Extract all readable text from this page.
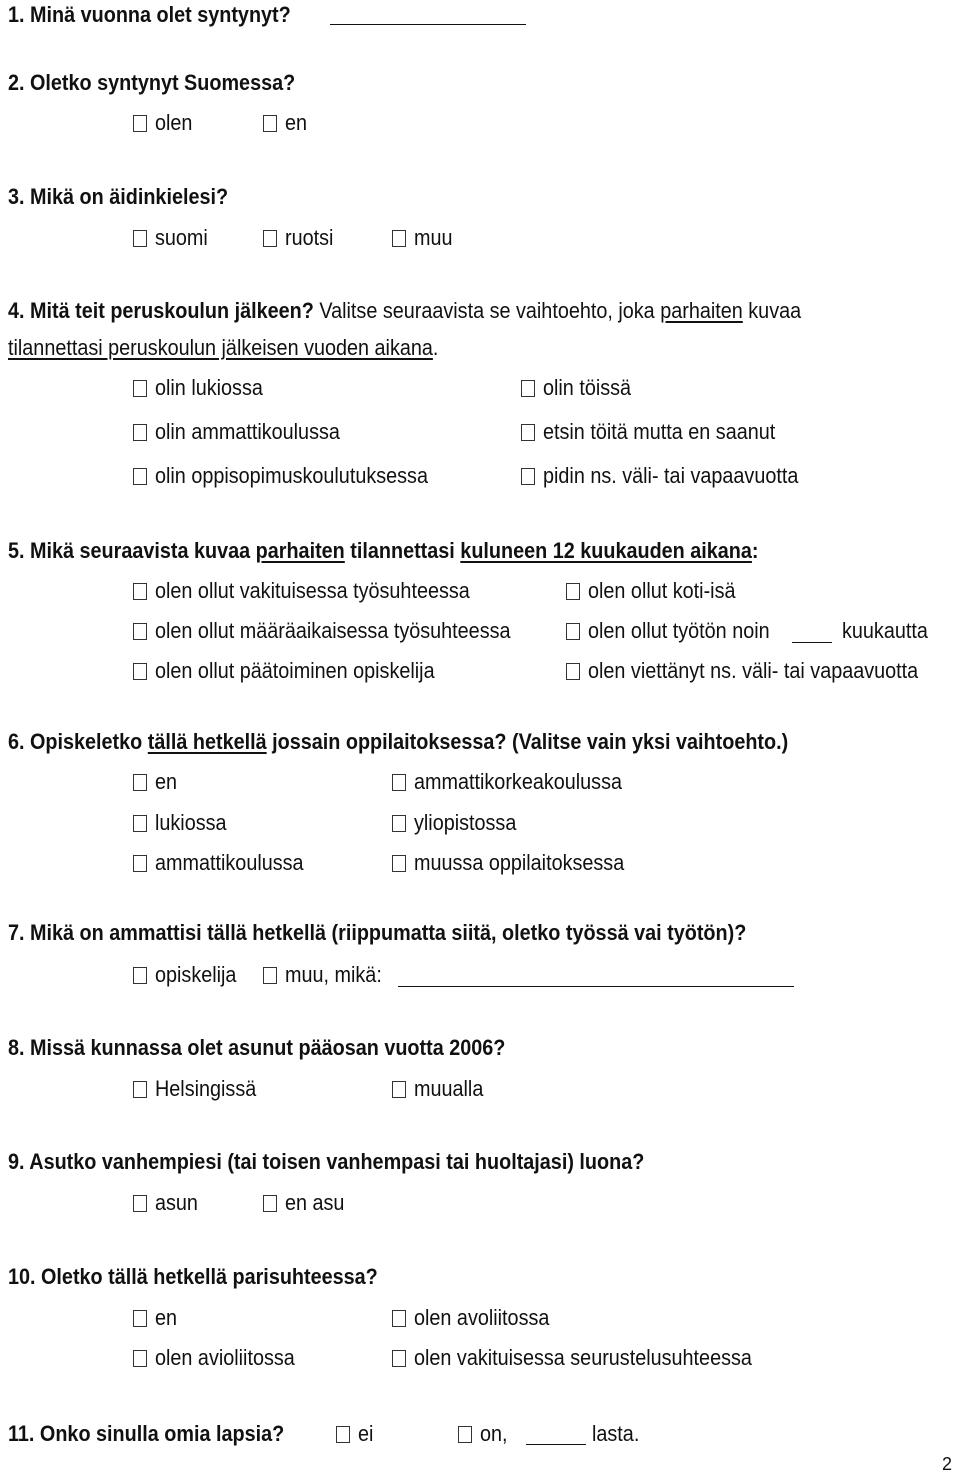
1. Minä vuonna olet syntynyt?
2. Oletko syntynyt Suomessa?
olen	en
3. Mikä on äidinkielesi?
suomi	ruotsi	muu
4. Mitä teit peruskoulun jälkeen? Valitse seuraavista se vaihtoehto, joka parhaiten kuvaa
tilannettasi peruskoulun jälkeisen vuoden aikana.
olin lukiossa	olin töissä
olin ammattikoulussa	etsin töitä mutta en saanut
olin oppisopimuskoulutuksessa	pidin ns. väli- tai vapaavuotta
5. Mikä seuraavista kuvaa parhaiten tilannettasi kuluneen 12 kuukauden aikana:
olen ollut vakituisessa työsuhteessa	olen ollut koti-isä
olen ollut määräaikaisessa työsuhteessa	olen ollut työtön noin	kuukautta
olen ollut päätoiminen opiskelija	olen viettänyt ns. väli- tai vapaavuotta
6. Opiskeletko tällä hetkellä jossain oppilaitoksessa? (Valitse vain yksi vaihtoehto.)
en	ammattikorkeakoulussa
lukiossa	yliopistossa
ammattikoulussa	muussa oppilaitoksessa
7. Mikä on ammattisi tällä hetkellä (riippumatta siitä, oletko työssä vai työtön)?
opiskelija muu, mikä:
8. Missä kunnassa olet asunut pääosan vuotta 2006?
Helsingissä	muualla
9. Asutko vanhempiesi (tai toisen vanhempasi tai huoltajasi) luona?
asun	en asu
10. Oletko tällä hetkellä parisuhteessa?
en	olen avoliitossa
olen avioliitossa	olen vakituisessa seurustelusuhteessa
11. Onko sinulla omia lapsia?	ei	on,	lasta.
2
